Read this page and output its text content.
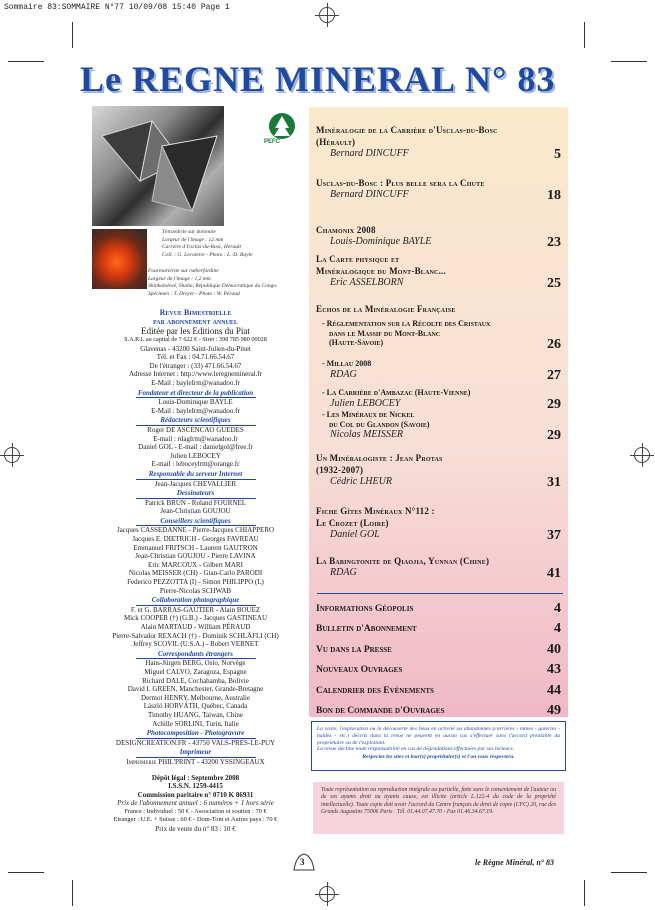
Sommaire 83:SOMMAIRE N°77 10/09/08 15:40 Page 1
Le REGNE MINERAL N° 83
PEFC
Tétraédrite sur dolomite
Largeur de l'image : 12 mm
Carrière d'Usclas-du-Bosc, Hérault
Coll. : G. Lecoleire - Photo : L.-D. Bayle
Fourmariérite sur rutherfordine
Largeur de l'image : 1,2 mm
Shinkolobwé, Shaba, République Démocratique du Congo.
Spécimen : T. Dreyer - Photo : W. Péraud
Revue Bimestrielle
par abonnement annuel
Editée par les Editions du Piat
S.A.R.L au capital de 7 622 € - Siret : 398 785 980 00028
Glavenas - 43200 Saint-Julien-du-Pinet
Tél. et Fax : 04.71.66.54.67
De l'étranger : (33) 471.66.54.67
Adresse Internet : http://www.leregnemineral.fr
E-Mail : bayleIrm@wanadoo.fr
Fondateur et directeur de la publication
Louis-Dominique BAYLE
E-Mail : bayleIrm@wanadoo.fr
Rédacteurs scientifiques
Roger DE ASCENCAO GUEDES
E-mail : rdaglrm@wanadoo.fr
Daniel GOL - E-mail : danielgol@free.fr
Julien LEBOCEY
E-mail : leboceylrm@orange.fr
Responsable du serveur Internet
Jean-Jacques CHEVALLIER
Dessinateurs
Patrick BRUN - Roland FOURNEL
Jean-Christian GOUJOU
Conseillers scientifiques
Jacques CASSEDANNE - Pierre-Jacques CHIAPPERO
Jacques E. DIETRICH - Georges FAVREAU
Emmanuel FRITSCH - Laurent GAUTRON
Jean-Christian GOUJOU - Pierre LAVINA
Eric MARCOUX - Gilbert MARI
Nicolas MEISSER (CH) - Gian-Carlo PARODI
Federico PEZZOTTA (I) - Simon PHILIPPO (L)
Pierre-Nicolas SCHWAB
Collaboration photographique
F. et G. BARRAS-GAUTIER - Alain BOUEZ
Mick COOPER (†) (G.B.) - Jacques GASTINEAU
Alain MARTAUD - William PÉRAUD
Pierre-Salvador REXACH (†) - Dominik SCHLÄFLI (CH)
Jeffrey SCOVIL (U.S.A.) - Robert VERNET
Correspondants étrangers
Hans-Jürgen BERG, Oslo, Norvège
Miguel CALVO, Zaragoza, Espagne
Richard DALE, Cochabamba, Bolivie
David I. GREEN, Manchester, Grande-Bretagne
Dermot HENRY, Melbourne, Australie
László HORVÁTH, Québec, Canada
Timothy HUANG, Taiwan, Chine
Achille SORLINI, Turin, Italie
Photocomposition - Photogravure
DESIGNCREATION.FR - 43750 VALS-PRÈS-LE-PUY
Imprimeur
Imprimerie PHIL'PRINT - 43200 YSSINGEAUX
Dépôt légal : Septembre 2008
I.S.S.N. 1259-4415
Commission paritaire n° 0710 K 86931
Prix de l'abonnement annuel : 6 numéros + 1 hors série
France : Individuel : 50 € - Association et soutien : 70 €
Etranger : U.E. + Suisse : 60 € - Dom-Tom et Autres pays : 70 €
Prix de vente du n° 83 : 10 €
Minéralogie de la Carrière d'Usclas-du-Bosc
(Hérault)
Bernard DINCUFF	5
Usclas-du-Bosc : Plus belle sera la Chute
Bernard DINCUFF	18
Chamonix 2008
Louis-Dominique BAYLE	23
La Carte physique et
Minéralogique du Mont-Blanc...
Eric ASSELBORN	25
Echos de la Minéralogie Française
- Réglementation sur la Récolte des Cristaux
dans le Massif du Mont-Blanc
(Haute-Savoie)	26
- Millau 2008
RDAG	27
- La Carrière d'Ambazac (Haute-Vienne)
Julien LEBOCEY	29
- Les Minéraux de Nickel
du Col du Glandon (Savoie)
Nicolas MEISSER	29
Un Minéralogiste : Jean Protas
(1932-2007)
Cédric LHEUR	31
Fiche Gîtes Minéraux N°112 :
Le Crozet (Loire)
Daniel GOL	37
La Babingtonite de Qiaojia, Yunnan (Chine)
RDAG	41
Informations Géopolis	4
Bulletin d'Abonnement	4
Vu dans la Presse	40
Nouveaux Ouvrages	43
Calendrier des Evènements	44
Bon de Commande d'Ouvrages	49
La visite, l'exploration ou la découverte des lieux en activité ou abandonnés (carrières - mines - galeries - haldes - etc.) décrits dans la revue ne peuvent en aucun cas s'effectuer sans l'accord préalable du propriétaire ou de l'exploitant.
La revue décline toute responsabilité en cas de dégradations effectuées par ses lecteurs.
Respectez les sites et leur(s) propriétaire(s) et l'on vous respectera.
Toute représentation ou reproduction intégrale ou partielle, faite sans le consentement de l'auteur ou de ses ayants droit ou ayants cause, est illicite (article L.122-4 du code de la propriété intellectuelle). Toute copie doit avoir l'accord du Centre français de droit de copie (CFC) 20, rue des Grands Augustins 75006 Paris · Tél. 01.44.07.47.70 - Fax 01.46.34.67.19.
3	le Règne Minéral, n° 83
